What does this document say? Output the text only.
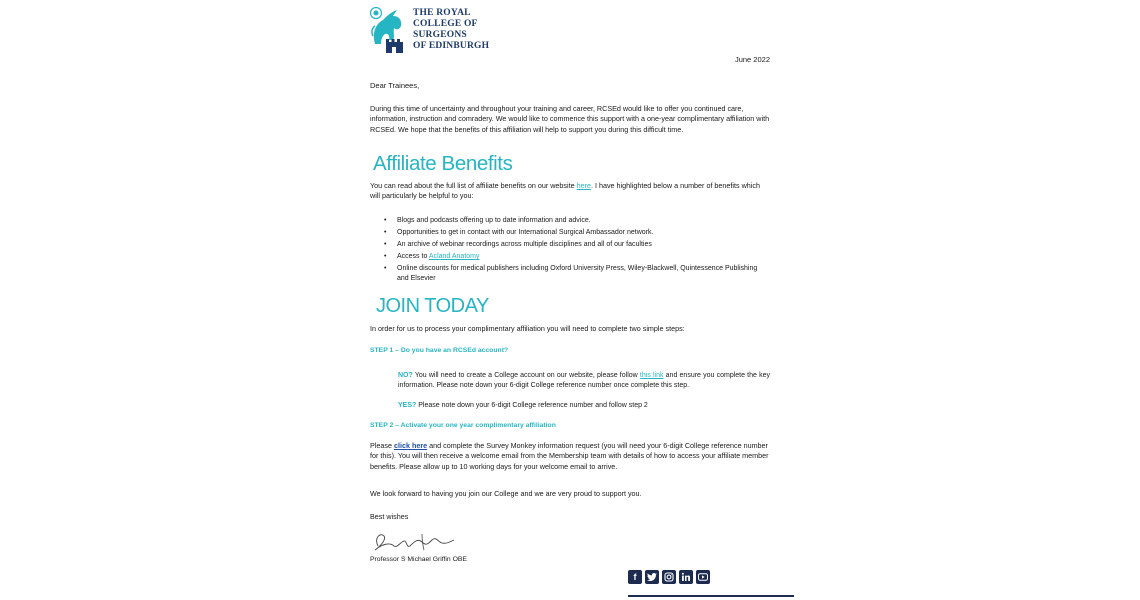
THE ROYAL
COLLEGE OF
SURGEONS
OF EDINBURGH
June 2022
Dear Trainees,
During this time of uncertainty and throughout your training and career, RCSEd would like to offer you continued care, information, instruction and comradery. We would like to commence this support with a one-year complimentary affiliation with RCSEd. We hope that the benefits of this affiliation will help to support you during this difficult time.
Affiliate Benefits
You can read about the full list of affiliate benefits on our website here. I have highlighted below a number of benefits which will particularly be helpful to you:
• Blogs and podcasts offering up to date information and advice.
• Opportunities to get in contact with our International Surgical Ambassador network.
• An archive of webinar recordings across multiple disciplines and all of our faculties
• Access to Acland Anatomy
• Online discounts for medical publishers including Oxford University Press, Wiley-Blackwell, Quintessence Publishing and Elsevier
JOIN TODAY
In order for us to process your complimentary affiliation you will need to complete two simple steps:
STEP 1 – Do you have an RCSEd account?
NO? You will need to create a College account on our website, please follow this link and ensure you complete the key information. Please note down your 6-digit College reference number once complete this step.
YES? Please note down your 6-digit College reference number and follow step 2
STEP 2 – Activate your one year complimentary affiliation
Please click here and complete the Survey Monkey information request (you will need your 6-digit College reference number for this). You will then receive a welcome email from the Membership team with details of how to access your affiliate member benefits. Please allow up to 10 working days for your welcome email to arrive.
We look forward to having you join our College and we are very proud to support you.
Best wishes
Professor S Michael Griffin OBE
f
